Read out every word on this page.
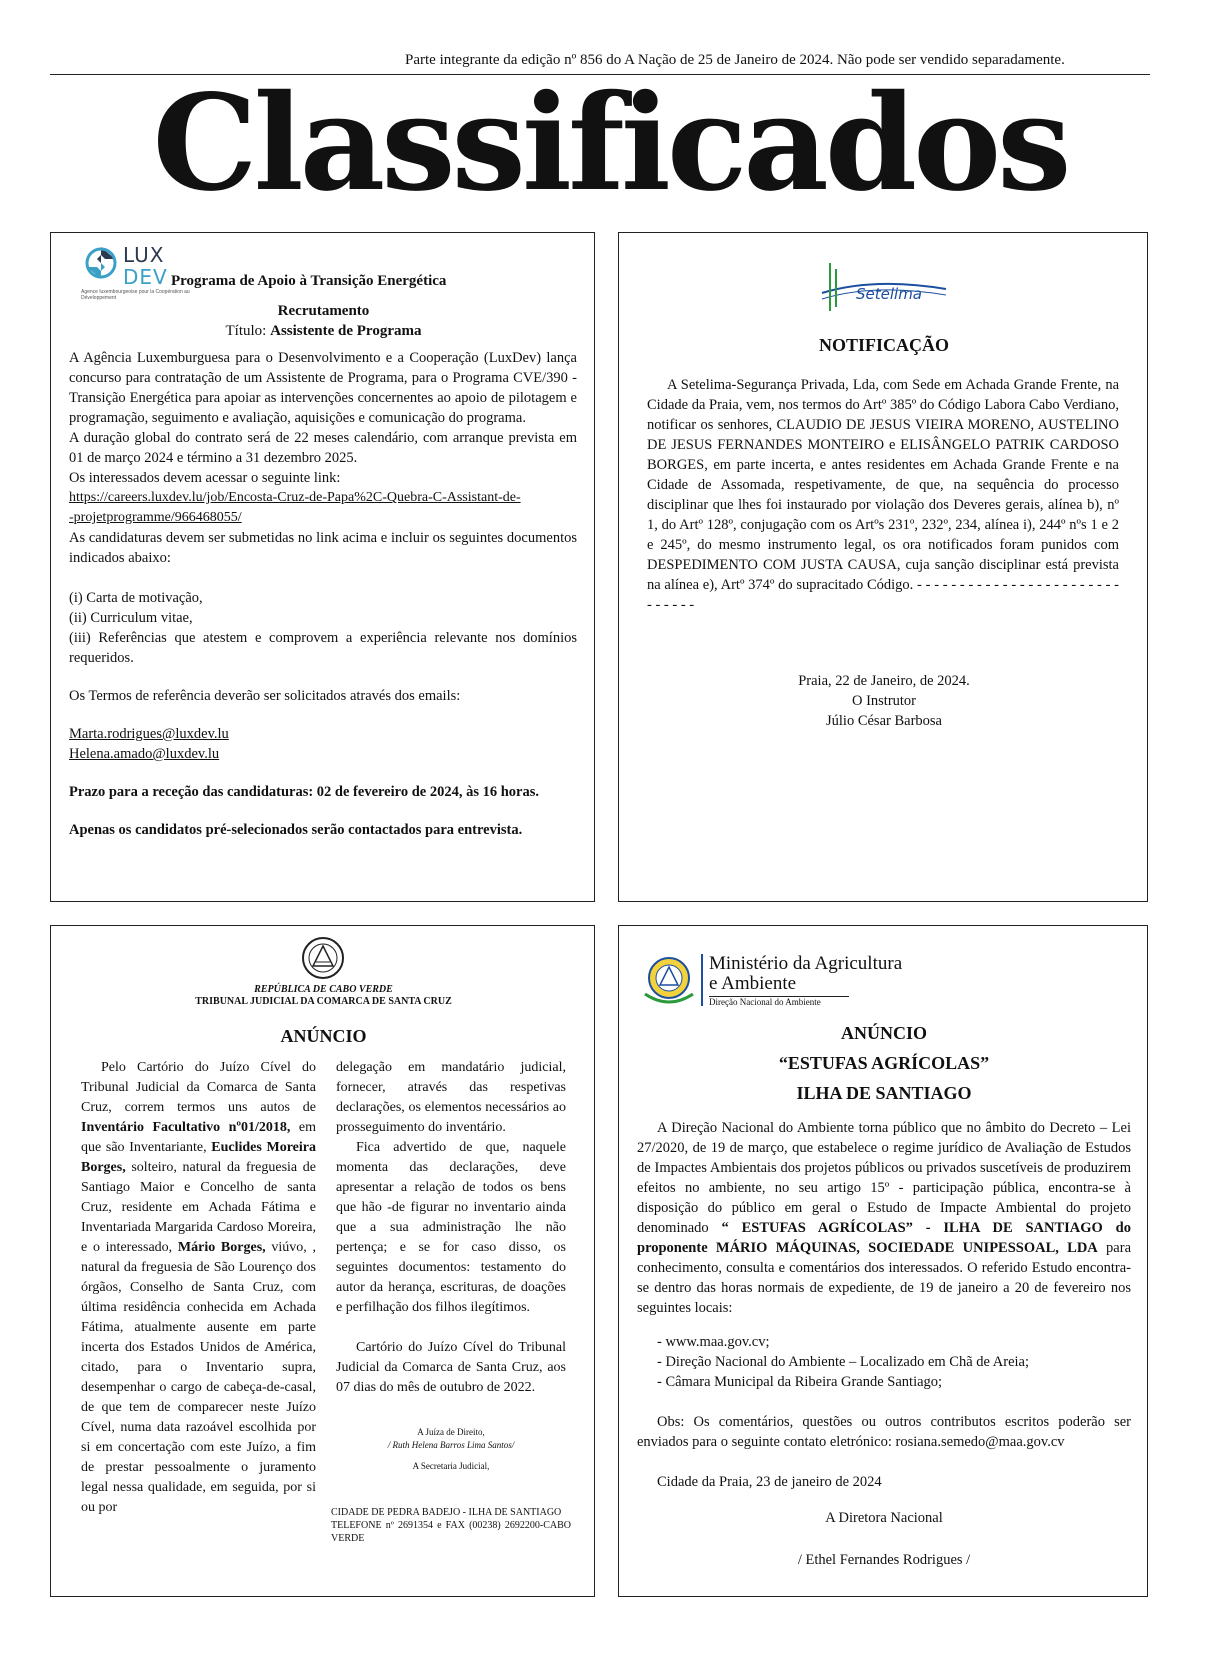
Parte integrante da edição nº 856 do A Nação de 25 de Janeiro de 2024. Não pode ser vendido separadamente.
Classificados
LUX
DEV
Agence luxembourgeoise pour la Coopération au Développement
Programa de Apoio à Transição Energética
Recrutamento
Título: Assistente de Programa

A Agência Luxemburguesa para o Desenvolvimento e a Cooperação (LuxDev) lança concurso para contratação de um Assistente de Programa, para o Programa CVE/390 - Transição Energética para apoiar as intervenções concernentes ao apoio de pilotagem e programação, seguimento e avaliação, aquisições e comunicação do programa.

A duração global do contrato será de 22 meses calendário, com arranque prevista em 01 de março 2024 e término a 31 dezembro 2025.

Os interessados devem acessar o seguinte link:

https://careers.luxdev.lu/job/Encosta-Cruz-de-Papa%2C-Quebra-C-Assistant-de-
-projetprogramme/966468055/

As candidaturas devem ser submetidas no link acima e incluir os seguintes documentos indicados abaixo:

(i) Carta de motivação,

(ii) Curriculum vitae,

(iii) Referências que atestem e comprovem a experiência relevante nos domínios requeridos.

Os Termos de referência deverão ser solicitados através dos emails:

Marta.rodrigues@luxdev.lu

Helena.amado@luxdev.lu

Prazo para a receção das candidaturas: 02 de fevereiro de 2024, às 16 horas.

Apenas os candidatos pré-selecionados serão contactados para entrevista.

Setelima
NOTIFICAÇÃO

A Setelima-Segurança Privada, Lda, com Sede em Achada Grande Frente, na Cidade da Praia, vem, nos termos do Artº 385º do Código Labora Cabo Verdiano, notificar os senhores, CLAUDIO DE JESUS VIEIRA MORENO, AUSTELINO DE JESUS FERNANDES MONTEIRO e ELISÂNGELO PATRIK CARDOSO BORGES, em parte incerta, e antes residentes em Achada Grande Frente e na Cidade de Assomada, respetivamente, de que, na sequência do processo disciplinar que lhes foi instaurado por violação dos Deveres gerais, alínea b), nº 1, do Artº 128º, conjugação com os Artºs 231º, 232º, 234, alínea i), 244º nºs 1 e 2 e 245º, do mesmo instrumento legal, os ora notificados foram punidos com DESPEDIMENTO COM JUSTA CAUSA, cuja sanção disciplinar está prevista na alínea e), Artº 374º do supracitado Código. - - - - - - - - - - - - - - - - - - - - - - - - - - - - - -

Praia, 22 de Janeiro, de 2024.

O Instrutor

Júlio César Barbosa

REPÚBLICA DE CABO VERDE
TRIBUNAL JUDICIAL DA COMARCA DE SANTA CRUZ
ANÚNCIO

Pelo Cartório do Juízo Cível do Tribunal Judicial da Comarca de Santa Cruz, correm termos uns autos de Inventário Facultativo nº01/2018, em que são Inventariante, Euclides Moreira Borges, solteiro, natural da freguesia de Santiago Maior e Concelho de santa Cruz, residente em Achada Fátima e Inventariada Margarida Cardoso Moreira, e o interessado, Mário Borges, viúvo, , natural da freguesia de São Lourenço dos órgãos, Conselho de Santa Cruz, com última residência conhecida em Achada Fátima, atualmente ausente em parte incerta dos Estados Unidos de América, citado, para o Inventario supra, desempenhar o cargo de cabeça-de-casal, de que tem de comparecer neste Juízo Cível, numa data razoável escolhida por si em concertação com este Juízo, a fim de prestar pessoalmente o juramento legal nessa qualidade, em seguida, por si ou por

delegação em mandatário judicial, fornecer, através das respetivas declarações, os elementos necessários ao prosseguimento do inventário.

Fica advertido de que, naquele momenta das declarações, deve apresentar a relação de todos os bens que hão -de figurar no inventario ainda que a sua administração lhe não pertença; e se for caso disso, os seguintes documentos: testamento do autor da herança, escrituras, de doações e perfilhação dos filhos ilegítimos.

Cartório do Juízo Cível do Tribunal Judicial da Comarca de Santa Cruz, aos 07 dias do mês de outubro de 2022.

A Juíza de Direito,
/ Ruth Helena Barros Lima Santos/
A Secretaria Judicial,
CIDADE DE PEDRA BADEJO - ILHA DE SANTIAGO
TELEFONE nº 2691354 e FAX (00238) 2692200-CABO VERDE
Ministério da Agricultura
e Ambiente
Direção Nacional do Ambiente
ANÚNCIO
“ESTUFAS AGRÍCOLAS”
ILHA DE SANTIAGO

A Direção Nacional do Ambiente torna público que no âmbito do Decreto – Lei 27/2020, de 19 de março, que estabelece o regime jurídico de Avaliação de Estudos de Impactes Ambientais dos projetos públicos ou privados suscetíveis de produzirem efeitos no ambiente, no seu artigo 15º - participação pública, encontra-se à disposição do público em geral o Estudo de Impacte Ambiental do projeto denominado “ ESTUFAS AGRÍCOLAS” - ILHA DE SANTIAGO do proponente MÁRIO MÁQUINAS, SOCIEDADE UNIPESSOAL, LDA para conhecimento, consulta e comentários dos interessados. O referido Estudo encontra-se dentro das horas normais de expediente, de 19 de janeiro a 20 de fevereiro nos seguintes locais:

- www.maa.gov.cv;

- Direção Nacional do Ambiente – Localizado em Chã de Areia;

- Câmara Municipal da Ribeira Grande Santiago;

Obs: Os comentários, questões ou outros contributos escritos poderão ser enviados para o seguinte contato eletrónico: rosiana.semedo@maa.gov.cv

Cidade da Praia, 23 de janeiro de 2024

A Diretora Nacional

/ Ethel Fernandes Rodrigues /
